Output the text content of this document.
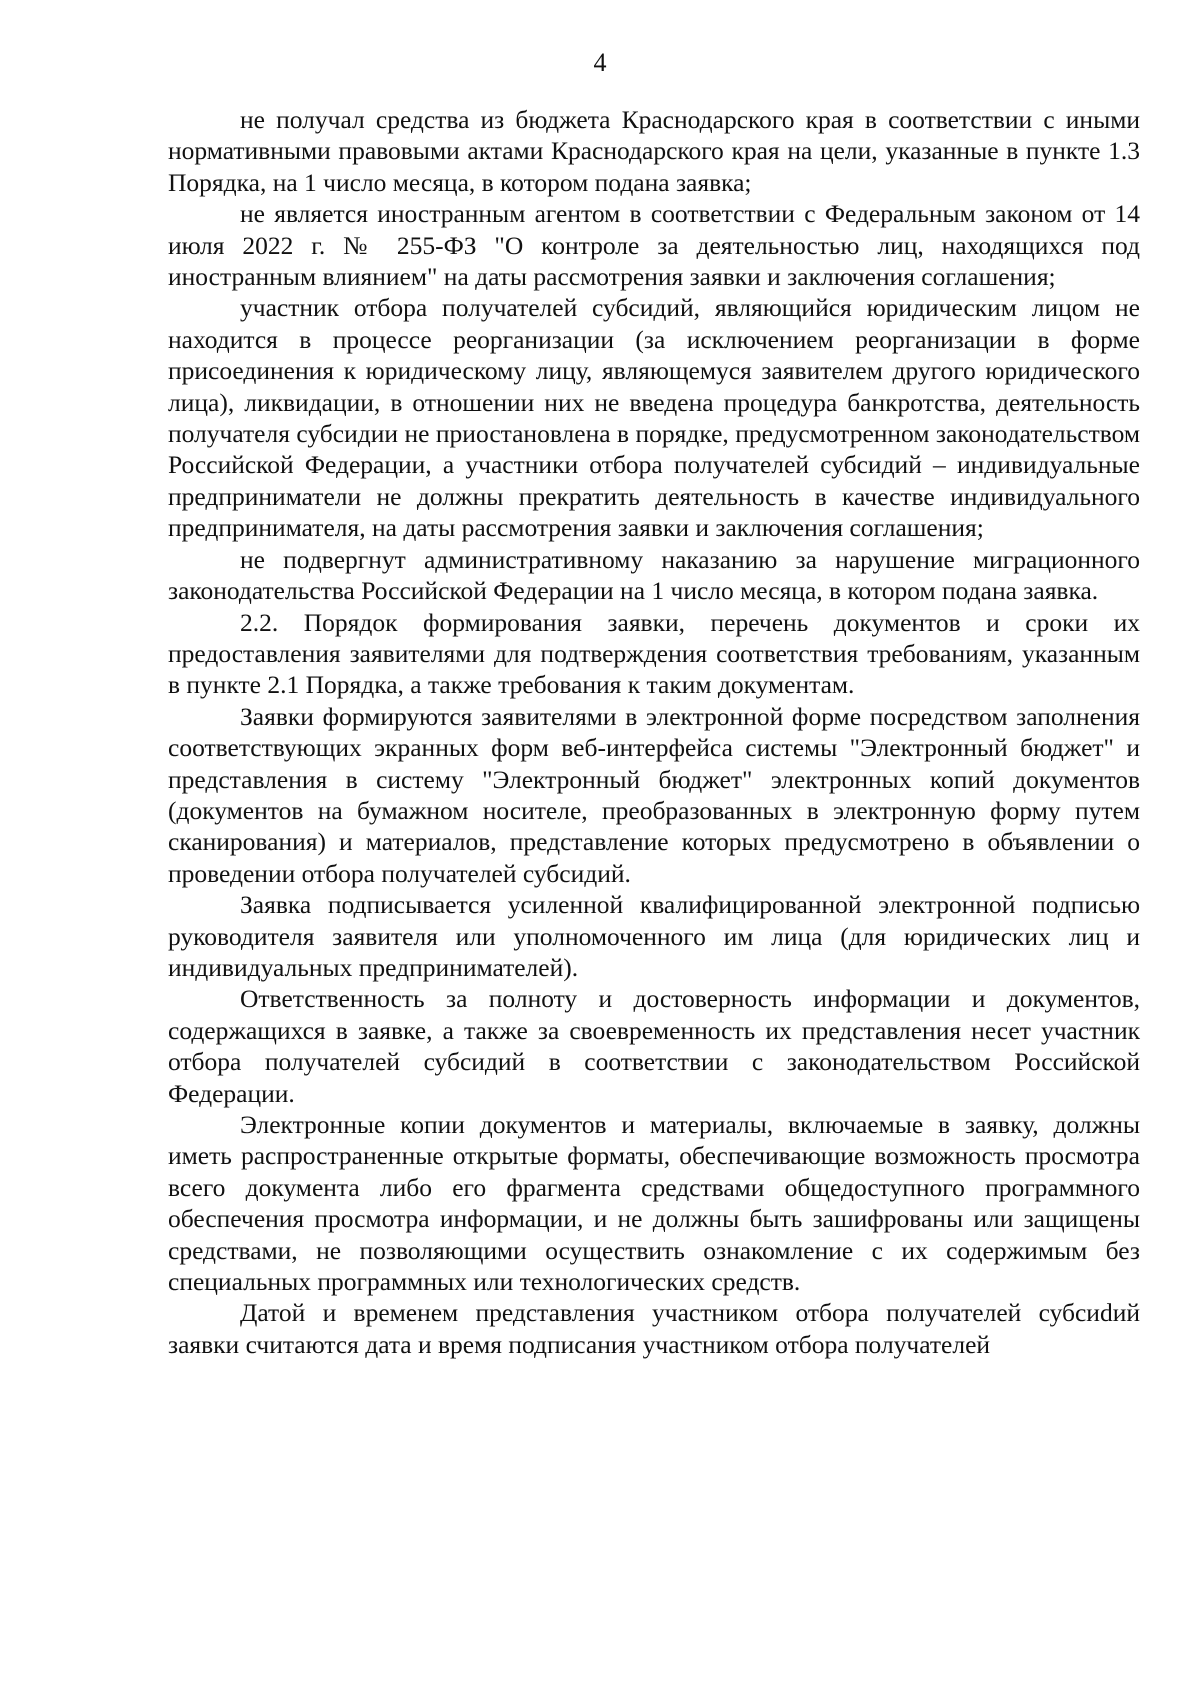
4

не получал средства из бюджета Краснодарского края в соответствии с иными нормативными правовыми актами Краснодарского края на цели, указанные в пункте 1.3 Порядка, на 1 число месяца, в котором подана заявка;

не является иностранным агентом в соответствии с Федеральным законом от 14 июля 2022 г. № 255-ФЗ "О контроле за деятельностью лиц, находящихся под иностранным влиянием" на даты рассмотрения заявки и заключения соглашения;

участник отбора получателей субсидий, являющийся юридическим лицом не находится в процессе реорганизации (за исключением реорганизации в форме присоединения к юридическому лицу, являющемуся заявителем другого юридического лица), ликвидации, в отношении них не введена процедура банкротства, деятельность получателя субсидии не приостановлена в порядке, предусмотренном законодательством Российской Федерации, а участники отбора получателей субсидий – индивидуальные предприниматели не должны прекратить деятельность в качестве индивидуального предпринимателя, на даты рассмотрения заявки и заключения соглашения;

не подвергнут административному наказанию за нарушение миграционного законодательства Российской Федерации на 1 число месяца, в котором подана заявка.

2.2. Порядок формирования заявки, перечень документов и сроки их предоставления заявителями для подтверждения соответствия требованиям, указанным в пункте 2.1 Порядка, а также требования к таким документам.

Заявки формируются заявителями в электронной форме посредством заполнения соответствующих экранных форм веб-интерфейса системы "Электронный бюджет" и представления в систему "Электронный бюджет" электронных копий документов (документов на бумажном носителе, преобразованных в электронную форму путем сканирования) и материалов, представление которых предусмотрено в объявлении о проведении отбора получателей субсидий.

Заявка подписывается усиленной квалифицированной электронной подписью руководителя заявителя или уполномоченного им лица (для юридических лиц и индивидуальных предпринимателей).

Ответственность за полноту и достоверность информации и документов, содержащихся в заявке, а также за своевременность их представления несет участник отбора получателей субсидий в соответствии с законодательством Российской Федерации.

Электронные копии документов и материалы, включаемые в заявку, должны иметь распространенные открытые форматы, обеспечивающие возможность просмотра всего документа либо его фрагмента средствами общедоступного программного обеспечения просмотра информации, и не должны быть зашифрованы или защищены средствами, не позволяющими осуществить ознакомление с их содержимым без специальных программных или технологических средств.

Датой и временем представления участником отбора получателей субсиdий заявки считаются дата и время подписания участником отбора получателей
